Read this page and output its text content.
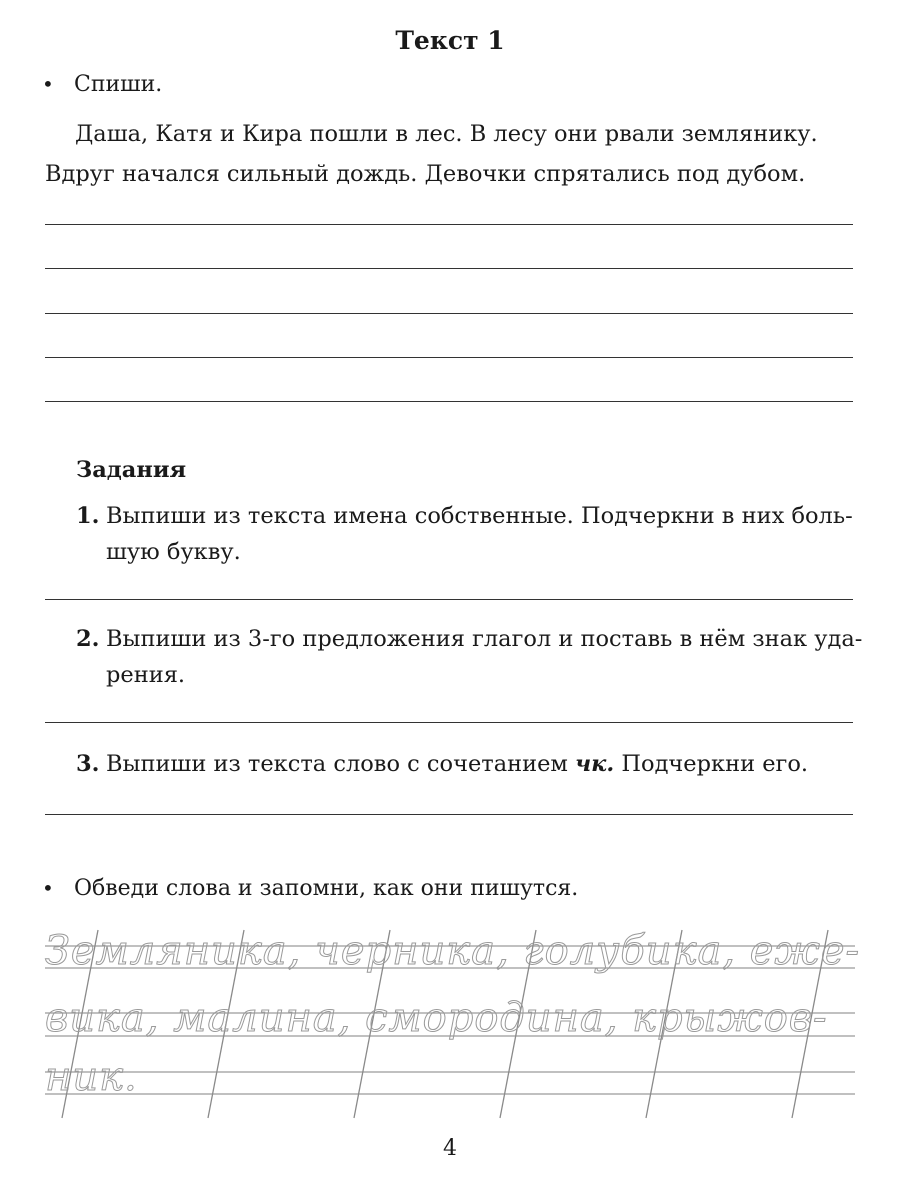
Текст 1
• Спиши.
Даша, Катя и Кира пошли в лес. В лесу они рвали землянику.
Вдруг начался сильный дождь. Девочки спрятались под дубом.
Задания
1. Выпиши из текста имена собственные. Подчеркни в них боль-
шую букву.
2. Выпиши из 3-го предложения глагол и поставь в нём знак уда-
рения.
3. Выпиши из текста слово с сочетанием чк. Подчеркни его.
• Обведи слова и запомни, как они пишутся.
Земляника, черника, голубика, ежe-
вика, малина, смородина, крыжов-
ник.
4
